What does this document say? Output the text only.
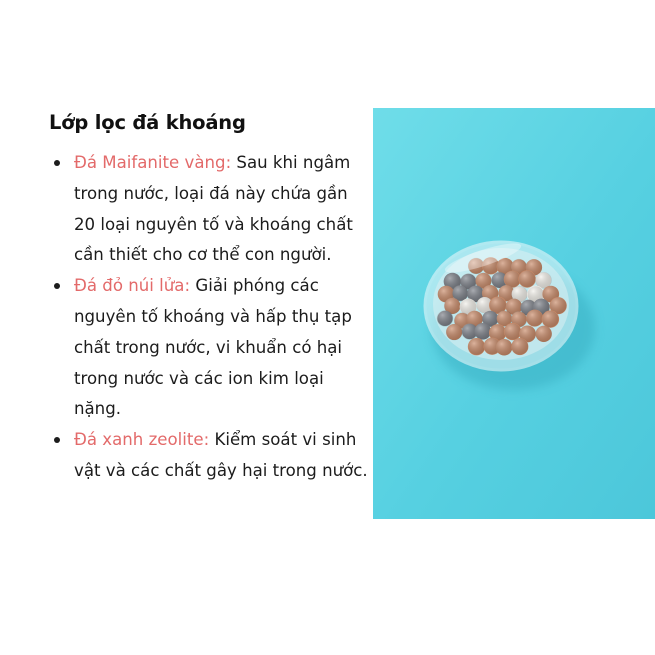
Lớp lọc đá khoáng
Đá Maifanite vàng: Sau khi ngâm trong nước, loại đá này chứa gần 20 loại nguyên tố và khoáng chất cần thiết cho cơ thể con người.
Đá đỏ núi lửa: Giải phóng các nguyên tố khoáng và hấp thụ tạp chất trong nước, vi khuẩn có hại trong nước và các ion kim loại nặng.
Đá xanh zeolite: Kiểm soát vi sinh vật và các chất gây hại trong nước.
